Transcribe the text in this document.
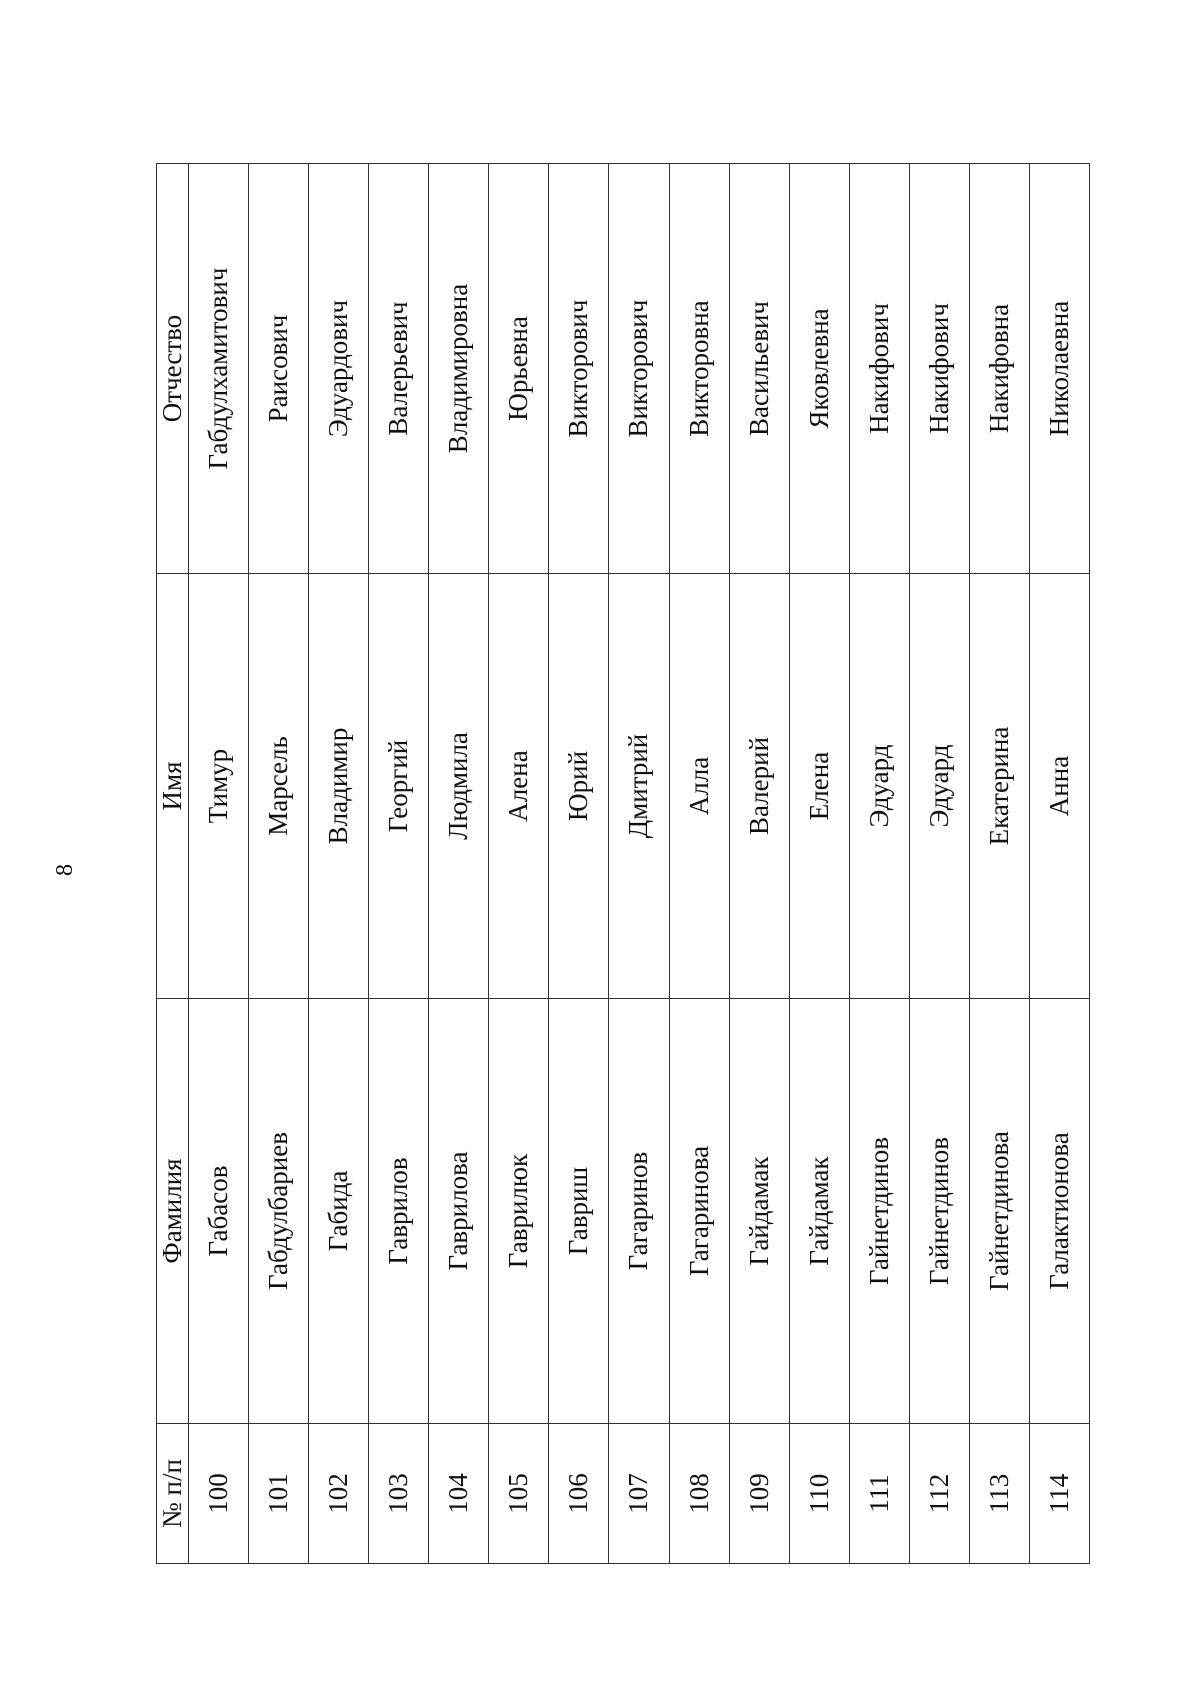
8
№ п/п	Фамилия	Имя	Отчество
100	Габасов	Тимур	Габдулхамитович
101	Габдулбариев	Марсель	Раисович
102	Габида	Владимир	Эдуардович
103	Гаврилов	Георгий	Валерьевич
104	Гаврилова	Людмила	Владимировна
105	Гаврилюк	Алена	Юрьевна
106	Гавриш	Юрий	Викторович
107	Гагаринов	Дмитрий	Викторович
108	Гагаринова	Алла	Викторовна
109	Гайдамак	Валерий	Васильевич
110	Гайдамак	Елена	Яковлевна
111	Гайнетдинов	Эдуард	Накифович
112	Гайнетдинов	Эдуард	Накифович
113	Гайнетдинова	Екатерина	Накифовна
114	Галактионова	Анна	Николаевна
